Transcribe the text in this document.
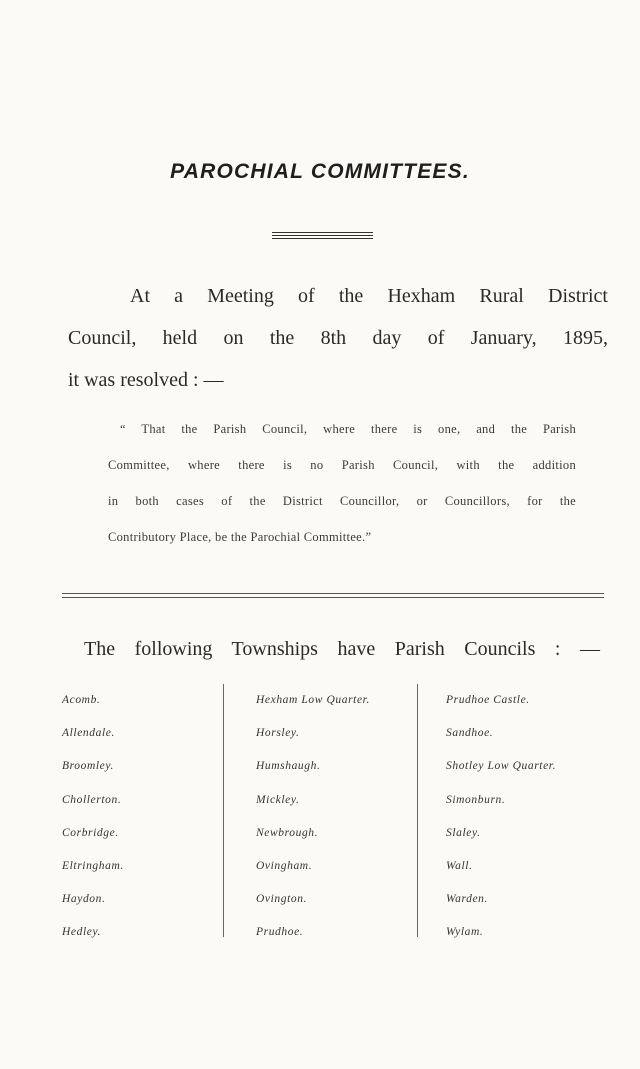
PAROCHIAL COMMITTEES.

At a Meeting of the Hexham Rural District
Council, held on the 8th day of January, 1895,
it was resolved : —

“ That the Parish Council, where there is one, and the Parish
Committee, where there is no Parish Council, with the addition
in both cases of the District Councillor, or Councillors, for the
Contributory Place, be the Parochial Committee.”

The following Townships have Parish Councils : —

Acomb.
Allendale.
Broomley.
Chollerton.
Corbridge.
Eltringham.
Haydon.
Hedley.
Hexham Low Quarter.
Horsley.
Humshaugh.
Mickley.
Newbrough.
Ovingham.
Ovington.
Prudhoe.
Prudhoe Castle.
Sandhoe.
Shotley Low Quarter.
Simonburn.
Slaley.
Wall.
Warden.
Wylam.
